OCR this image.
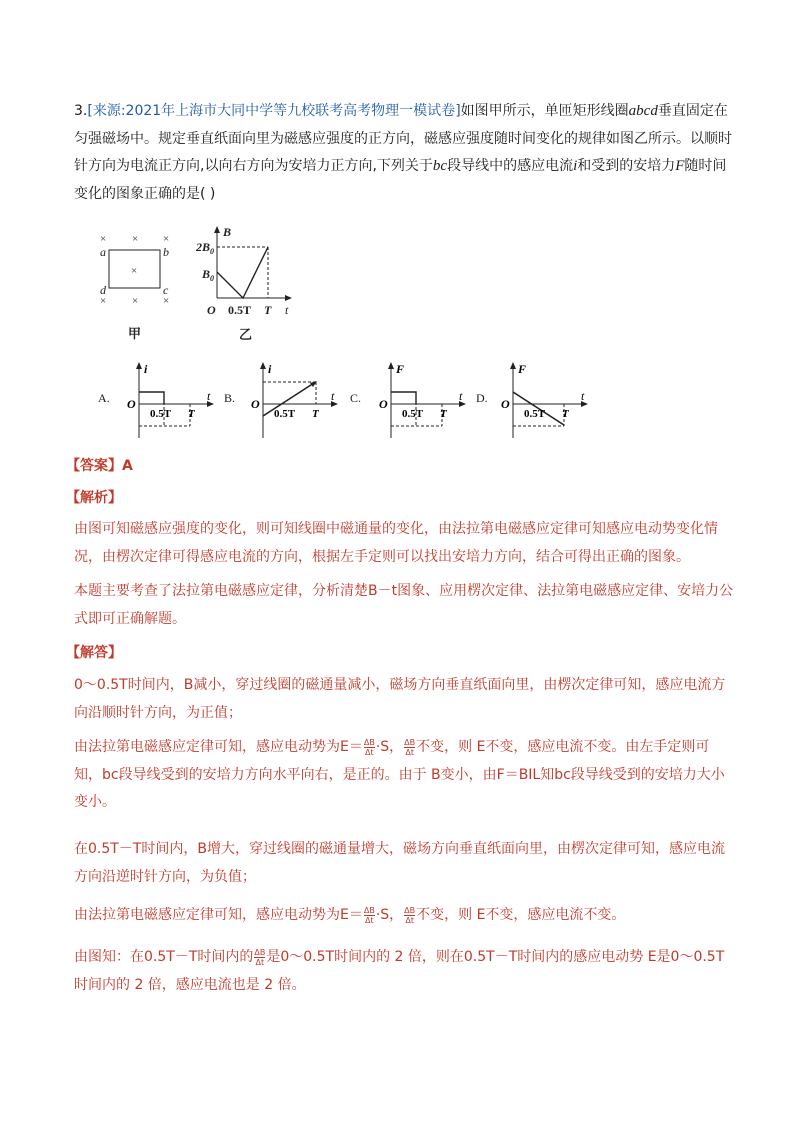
3.[来源:2021年上海市大同中学等九校联考高考物理一模试卷]如图甲所示，单匝矩形线圈abcd垂直固定在匀强磁场中。规定垂直纸面向里为磁感应强度的正方向，磁感应强度随时间变化的规律如图乙所示。以顺时针方向为电流正方向,以向右方向为安培力正方向,下列关于bc段导线中的感应电流i和受到的安培力F随时间变化的图象正确的是( )

× × ×
× × ×
×
a	b
d	c
甲
B
t
O
$2B_0$
$B_0$
0.5T T
乙
A.
i
t
O
0.5T T
B.
i
t
O
0.5T T
C.
F
t
O
0.5T T
D.
F
t
O
0.5T T
【答案】A
【解析】

由图可知磁感应强度的变化，则可知线圈中磁通量的变化，由法拉第电磁感应定律可知感应电动势变化情况，由楞次定律可得感应电流的方向，根据左手定则可以找出安培力方向，结合可得出正确的图象。

本题主要考查了法拉第电磁感应定律，分析清楚B－t图象、应用楞次定律、法拉第电磁感应定律、安培力公式即可正确解题。

【解答】

0～0.5T时间内，B减小，穿过线圈的磁通量减小，磁场方向垂直纸面向里，由楞次定律可知，感应电流方向沿顺时针方向，为正值；

由法拉第电磁感应定律可知，感应电动势为$E= \frac{\Delta B}{\Delta t} \cdot S$， $\frac{\Delta B}{\Delta t}$ 不变，则 E不变，感应电流不变。由左手定则可知，bc段导线受到的安培力方向水平向右，是正的。由于 B变小，由F＝BIL知bc段导线受到的安培力大小变小。

在0.5T－T时间内，B增大，穿过线圈的磁通量增大，磁场方向垂直纸面向里，由楞次定律可知，感应电流方向沿逆时针方向，为负值；

由法拉第电磁感应定律可知，感应电动势为$E= \frac{\Delta B}{\Delta t} \cdot S$， $\frac{\Delta B}{\Delta t}$ 不变，则 E不变，感应电流不变。

由图知：在0.5T－T时间内的 $\frac{\Delta B}{\Delta t}$ 是0～0.5T时间内的 2 倍，则在0.5T－T时间内的感应电动势 E是0～0.5T时间内的 2 倍，感应电流也是 2 倍。
